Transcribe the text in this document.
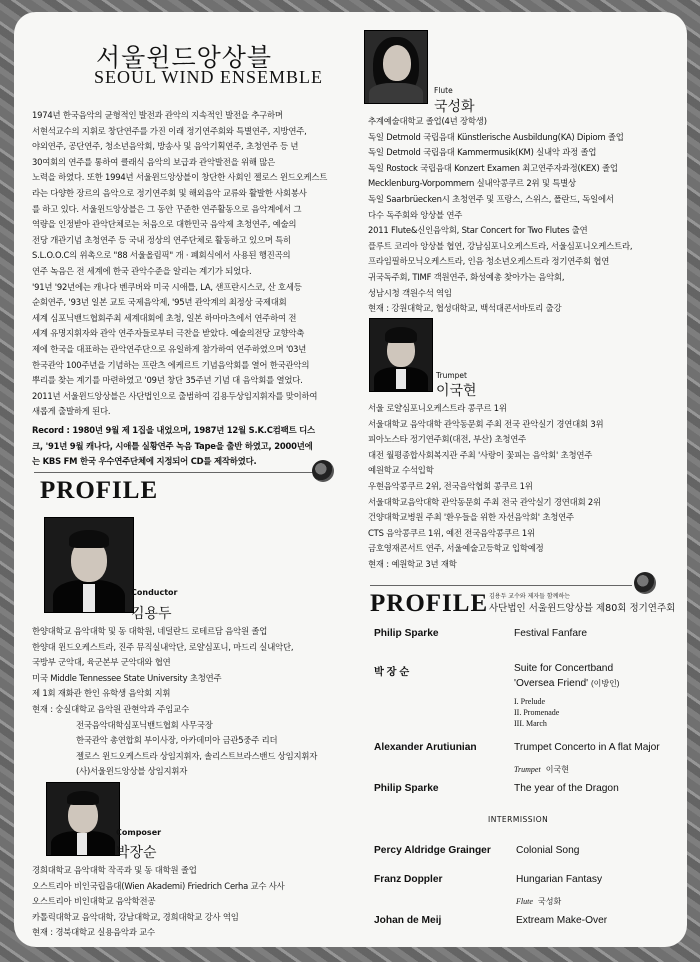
서울윈드앙상블
SEOUL WIND ENSEMBLE
1974년 한국음악의 균형적인 발전과 관악의 지속적인 발전을 추구하며
서현석교수의 지휘로 창단연주를 가진 이래 정기연주회와 특별연주, 지방연주,
야외연주, 공단연주, 청소년음악회, 방송사 및 음악기획연주, 초청연주 등 년
30여회의 연주를 통하여 클래식 음악의 보급과 관악발전을 위해 많은
노력을 하였다. 또한 1994년 서울윈드앙상블이 창단한 사회인 젤로스 윈드오케스트
라는 다양한 장르의 음악으로 정기연주회 및 해외음악 교류와 활발한 사회봉사
를 하고 있다. 서울윈드앙상블은 그 동안 꾸준한 연주활동으로 음악계에서 그
역량을 인정받아 관악단체로는 처음으로 대한민국 음악제 초청연주, 예술의
전당 개관기념 초청연주 등 국내 정상의 연주단체로 활동하고 있으며 특히
S.L.O.O.C의 위촉으로 "88 서울올림픽" 개 · 폐회식에서 사용된 행진곡의
연주 녹음은 전 세계에 한국 관악수준을 알리는 계기가 되었다.
'91년 '92년에는 캐나다 벤쿠버와 미국 시애틀, LA, 샌프란시스코, 산 호세등
순회연주, '93년 일본 교토 국제음악제, '95년 관악계의 최정상 국제대회
세계 심포닉밴드협회주최 세계대회에 초청, 일본 하마마츠에서 연주하여 전
세계 유명지휘자와 관악 연주자들로부터 극찬을 받았다. 예술의전당 교향악축
제에 한국을 대표하는 관악연주단으로 유일하게 참가하여 연주하였으며 '03년
한국관악 100주년을 기념하는 프란츠 에케르트 기념음악회를 열어 한국관악의
뿌리를 찾는 계기를 마련하였고 '09년 창단 35주년 기념 대 음악회를 열었다.
2011년 서울윈드앙상블은 사단법인으로 출범하여 김용두상임지휘자를 맞이하여
새롭게 출발하게 된다.
Record : 1980년 9월 제 1집을 내었으며, 1987년 12월 S.K.C컴팩트 디스
크, '91년 9월 캐나다, 시애틀 실황연주 녹음 Tape을 출반 하였고, 2000년에
는 KBS FM 한국 우수연주단체에 지정되어 CD를 제작하였다.
PROFILE
Conductor
김용두
한양대학교 음악대학 및 동 대학원, 네덜란드 로테르담 음악원 졸업
한양대 윈드오케스트라, 진주 뮤직실내악단, 로얄심포니, 마드리 실내악단,
국방부 군악대, 육군본부 군악대와 협연
미국 Middle Tennessee State University 초청연주
제 1회 재화관 한인 유학생 음악회 지휘
현재 : 숭실대학교 음악원 관현악과 주임교수
전국음악대학심포닉밴드협회 사무국장
한국관악 총연합회 부이사장, 아카데미아 금관5중주 리더
젤로스 윈드오케스트라 상임지휘자, 솔리스트브라스밴드 상임지휘자
(사)서울윈드앙상블 상임지휘자
Composer
박장순
경희대학교 음악대학 작곡과 및 동 대학원 졸업
오스트리아 비인국립음대(Wien Akademi) Friedrich Cerha 교수 사사
오스트리아 비인대학교 음악학전공
카톨릭대학교 음악대학, 강남대학교, 경희대학교 강사 역임
현재 : 경북대학교 실용음악과 교수
Flute
국성화
추계예술대학교 졸업(4년 장학생)
독일 Detmold 국립음대 Künstlerische Ausbildung(KA) Dipiom 졸업
독일 Detmold 국립음대 Kammermusik(KM) 실내악 과정 졸업
독일 Rostock 국립음대 Konzert Examen 최고연주자과정(KEX) 졸업
Mecklenburg-Vorpommern 실내악콩쿠르 2위 및 특별상
독일 Saarbrüecken시 초청연주 및 프랑스, 스위스, 폴란드, 독일에서
다수 독주회와 앙상블 연주
2011 Flute&신인음악회, Star Concert for Two Flutes 출연
플루트 코리아 앙상블 협연, 강남심포니오케스트라, 서울심포니오케스트라,
프라임필하모닉오케스트라, 인음 청소년오케스트라 정기연주회 협연
귀국독주회, TIMF 객원연주, 화성예총 찾아가는 음악회,
성남시청 객원수석 역임
현재 : 강원대학교, 협성대학교, 백석대콘서바토리 출강
Trumpet
이국현
서울 로얄심포니오케스트라 콩쿠르 1위
서울대학교 음악대학 관악동문회 주최 전국 관악실기 경연대회 3위
피아노스타 정기연주회(대전, 부산) 초청연주
대전 월평종합사회복지관 주최 '사랑이 꽃피는 음악회' 초청연주
예원학교 수석입학
우현음악콩쿠르 2위, 전국음악협회 콩쿠르 1위
서울대학교음악대학 관악동문회 주최 전국 관악실기 경연대회 2위
건양대학교병원 주최 '환우들을 위한 자선음악회' 초청연주
CTS 음악콩쿠르 1위, 예전 전국음악콩쿠르 1위
금호영재콘서트 연주, 서울예술고등학교 입학예정
현재 : 예원학교 3년 재학
PROFILE 김용두 교수와 제자들 함께하는
사단법인 서울윈드앙상블 제80회 정기연주회
Philip Sparke	Festival Fanfare
박 장 순	Suite for Concertband
'Oversea Friend' (이방인)
I. Prelude
II. Promenade
III. March
Alexander Arutiunian	Trumpet Concerto in A flat Major
Trumpet 이국현
Philip Sparke	The year of the Dragon
INTERMISSION
Percy Aldridge Grainger Colonial Song
Franz Doppler	Hungarian Fantasy
Flute 국성화
Johan de Meij	Extream Make-Over
